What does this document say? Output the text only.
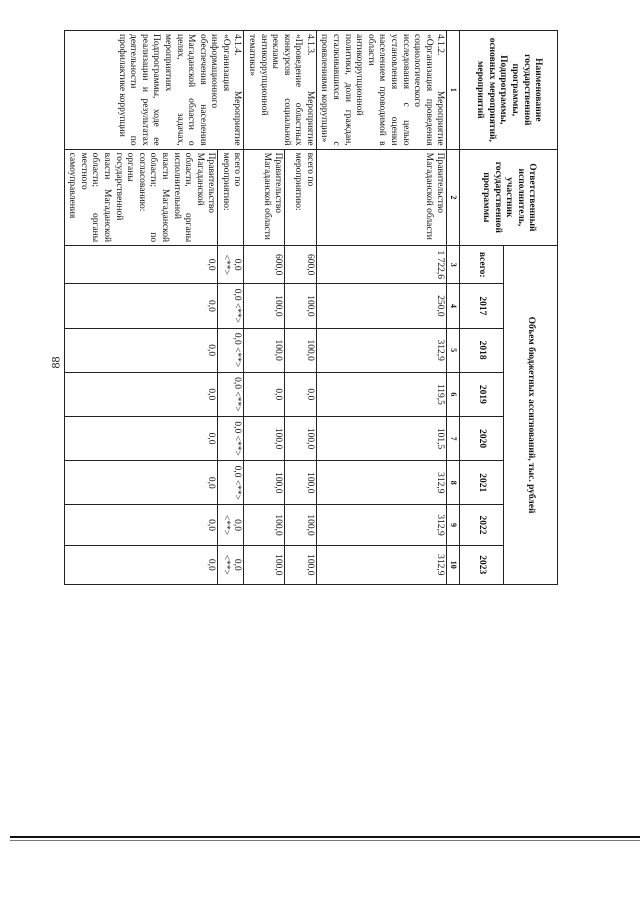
88
Наименование государственной программы, Подпрограммы, основных мероприятий, мероприятий	Ответственный исполнитель, участник государственной программы	Объем бюджетных ассигнований, тыс. рублей							
		всего:	2017	2018	2019	2020	2021	2022	2023
1	2	3	4	5	6	7	8	9	10
4.1.2. Мероприятие «Организация проведения социологического исследования с целью установления оценки населением проводимой в области антикоррупционной политики, доли граждан, сталкивавшихся с проявлениями коррупции»	Правительство Магаданской области	1 722,6	250,0	312,9	119,5	101,5	312,9	312,9	312,9
4.1.3. Мероприятие «Проведение областных конкурсов социальной рекламы антикоррупционной тематики»	всего по мероприятию:	600,0	100,0	100,0	0,0	100,0	100,0	100,0	100,0
	Правительство Магаданской области	600,0	100,0	100,0	0,0	100,0	100,0	100,0	100,0
4.1.4. Мероприятие «Организация информационного обеспечения населения Магаданской области о целях, задачах, мероприятиях Подпрограммы, ходе ее реализации и результатах деятельности по профилактике коррупции	всего по мероприятию:	0,0 <**>	0,0 <**>	0,0 <**>	0,0 <**>	0,0 <**>	0,0 <**>	0,0 <**>	0,0 <**>
	Правительство Магаданской области, органы исполнительной власти Магаданской области; по согласованию: органы государственной власти Магаданской области; органы местного самоуправления	0,0	0,0	0,0	0,0	0,0	0,0	0,0	0,0
